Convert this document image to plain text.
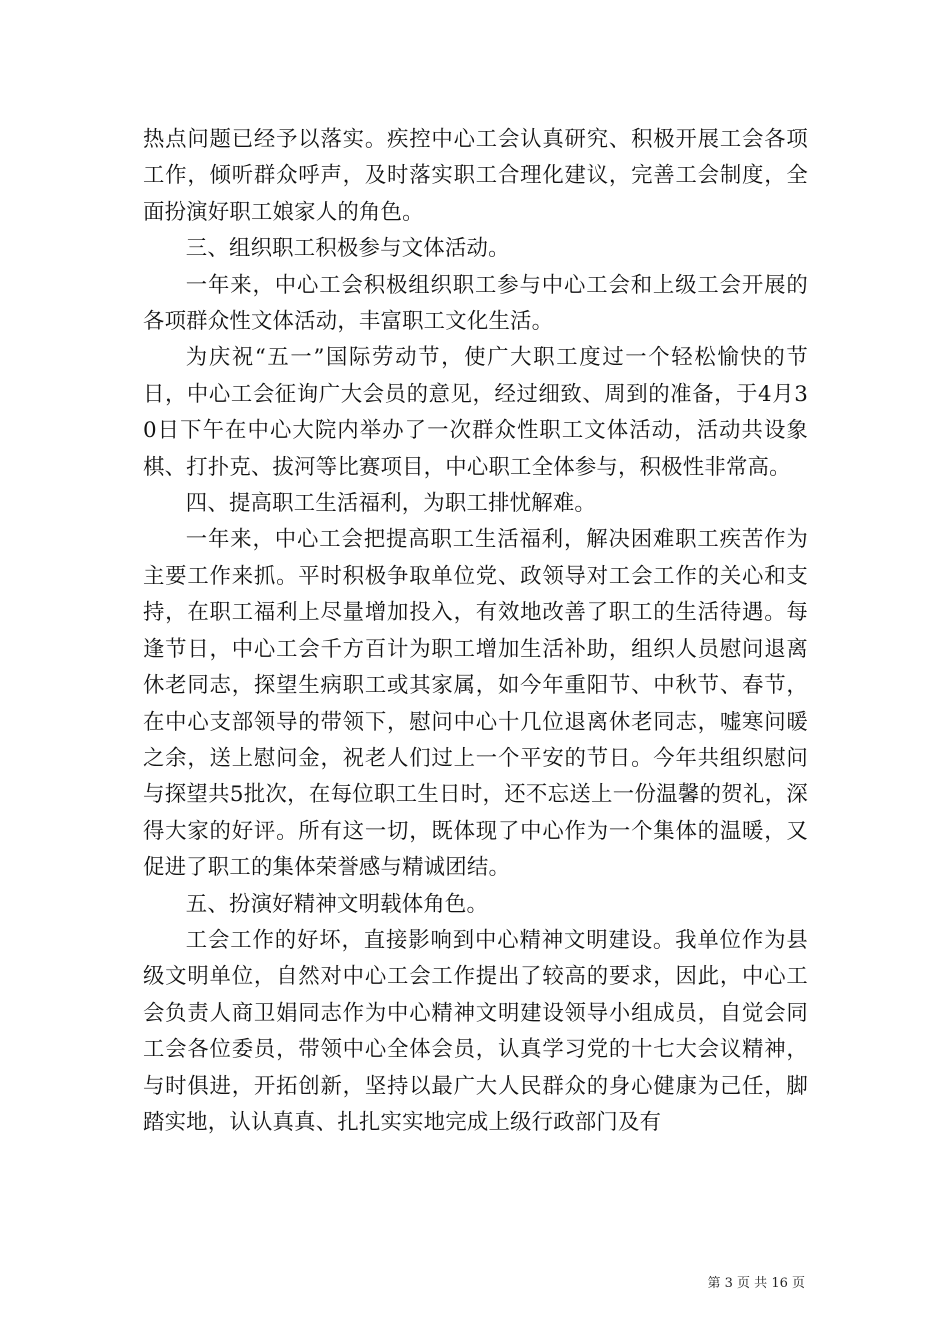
热点问题已经予以落实。疾控中心工会认真研究、积极开展工会各项工作，倾听群众呼声，及时落实职工合理化建议，完善工会制度，全面扮演好职工娘家人的角色。

三、组织职工积极参与文体活动。

一年来，中心工会积极组织职工参与中心工会和上级工会开展的各项群众性文体活动，丰富职工文化生活。

为庆祝“五一”国际劳动节，使广大职工度过一个轻松愉快的节日，中心工会征询广大会员的意见，经过细致、周到的准备，于4月30日下午在中心大院内举办了一次群众性职工文体活动，活动共设象棋、打扑克、拔河等比赛项目，中心职工全体参与，积极性非常高。

四、提高职工生活福利，为职工排忧解难。

一年来，中心工会把提高职工生活福利，解决困难职工疾苦作为主要工作来抓。平时积极争取单位党、政领导对工会工作的关心和支持，在职工福利上尽量增加投入，有效地改善了职工的生活待遇。每逢节日，中心工会千方百计为职工增加生活补助，组织人员慰问退离休老同志，探望生病职工或其家属，如今年重阳节、中秋节、春节，在中心支部领导的带领下，慰问中心十几位退离休老同志，嘘寒问暖之余，送上慰问金，祝老人们过上一个平安的节日。今年共组织慰问与探望共5批次，在每位职工生日时，还不忘送上一份温馨的贺礼，深得大家的好评。所有这一切，既体现了中心作为一个集体的温暖，又促进了职工的集体荣誉感与精诚团结。

五、扮演好精神文明载体角色。

工会工作的好坏，直接影响到中心精神文明建设。我单位作为县级文明单位，自然对中心工会工作提出了较高的要求，因此，中心工会负责人商卫娟同志作为中心精神文明建设领导小组成员，自觉会同工会各位委员，带领中心全体会员，认真学习党的十七大会议精神，与时俱进，开拓创新，坚持以最广大人民群众的身心健康为己任，脚踏实地，认认真真、扎扎实实地完成上级行政部门及有

第 3 页 共 16 页
